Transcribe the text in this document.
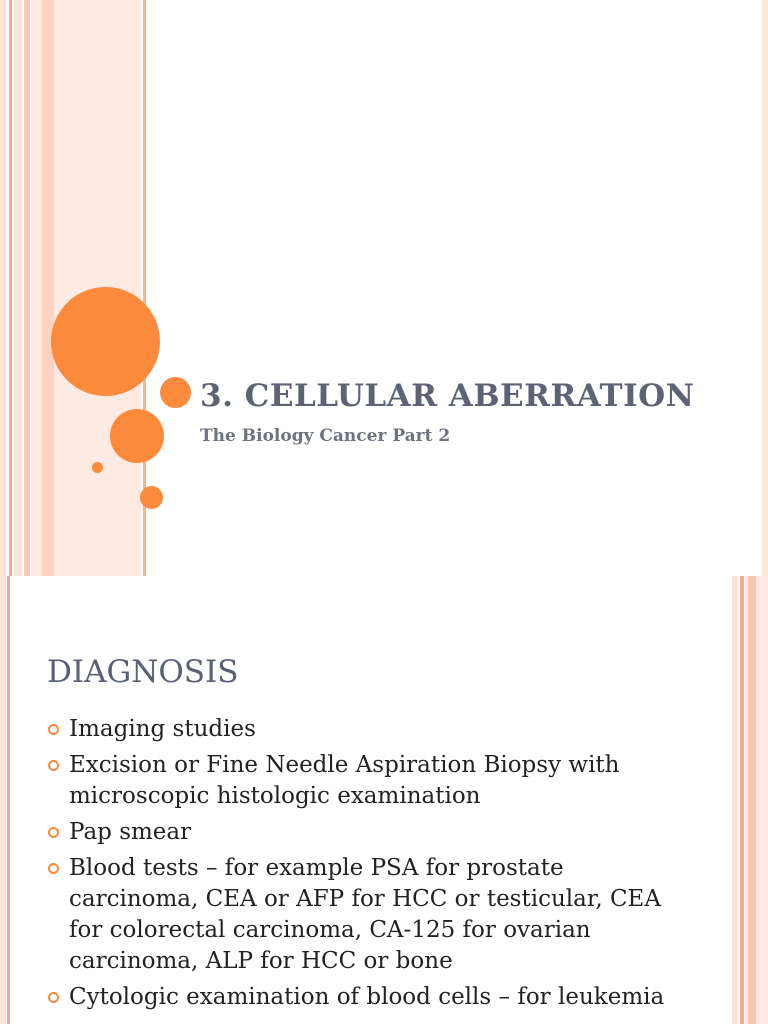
3. CELLULAR ABERRATION

The Biology Cancer Part 2

DIAGNOSIS
Imaging studies
Excision or Fine Needle Aspiration Biopsy with microscopic histologic examination
Pap smear
Blood tests – for example PSA for prostate carcinoma, CEA or AFP for HCC or testicular, CEA for colorectal carcinoma, CA-125 for ovarian carcinoma, ALP for HCC or bone
Cytologic examination of blood cells – for leukemia
